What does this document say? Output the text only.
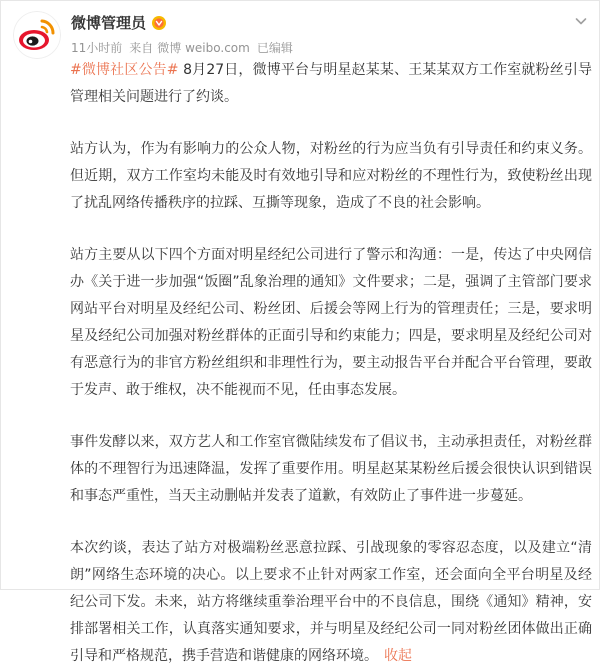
微博管理员
11小时前 来自 微博 weibo.com 已编辑

#微博社区公告# 8月27日，微博平台与明星赵某某、王某某双方工作室就粉丝引导管理相关问题进行了约谈。

站方认为，作为有影响力的公众人物，对粉丝的行为应当负有引导责任和约束义务。但近期，双方工作室均未能及时有效地引导和应对粉丝的不理性行为，致使粉丝出现了扰乱网络传播秩序的拉踩、互撕等现象，造成了不良的社会影响。

站方主要从以下四个方面对明星经纪公司进行了警示和沟通：一是，传达了中央网信办《关于进一步加强“饭圈”乱象治理的通知》文件要求；二是，强调了主管部门要求网站平台对明星及经纪公司、粉丝团、后援会等网上行为的管理责任；三是，要求明星及经纪公司加强对粉丝群体的正面引导和约束能力；四是，要求明星及经纪公司对有恶意行为的非官方粉丝组织和非理性行为，要主动报告平台并配合平台管理，要敢于发声、敢于维权，决不能视而不见，任由事态发展。

事件发酵以来，双方艺人和工作室官微陆续发布了倡议书，主动承担责任，对粉丝群体的不理智行为迅速降温，发挥了重要作用。明星赵某某粉丝后援会很快认识到错误和事态严重性，当天主动删帖并发表了道歉，有效防止了事件进一步蔓延。

本次约谈，表达了站方对极端粉丝恶意拉踩、引战现象的零容忍态度，以及建立“清朗”网络生态环境的决心。以上要求不止针对两家工作室，还会面向全平台明星及经纪公司下发。未来，站方将继续重拳治理平台中的不良信息，围绕《通知》精神，安排部署相关工作，认真落实通知要求，并与明星及经纪公司一同对粉丝团体做出正确引导和严格规范，携手营造和谐健康的网络环境。 收起
